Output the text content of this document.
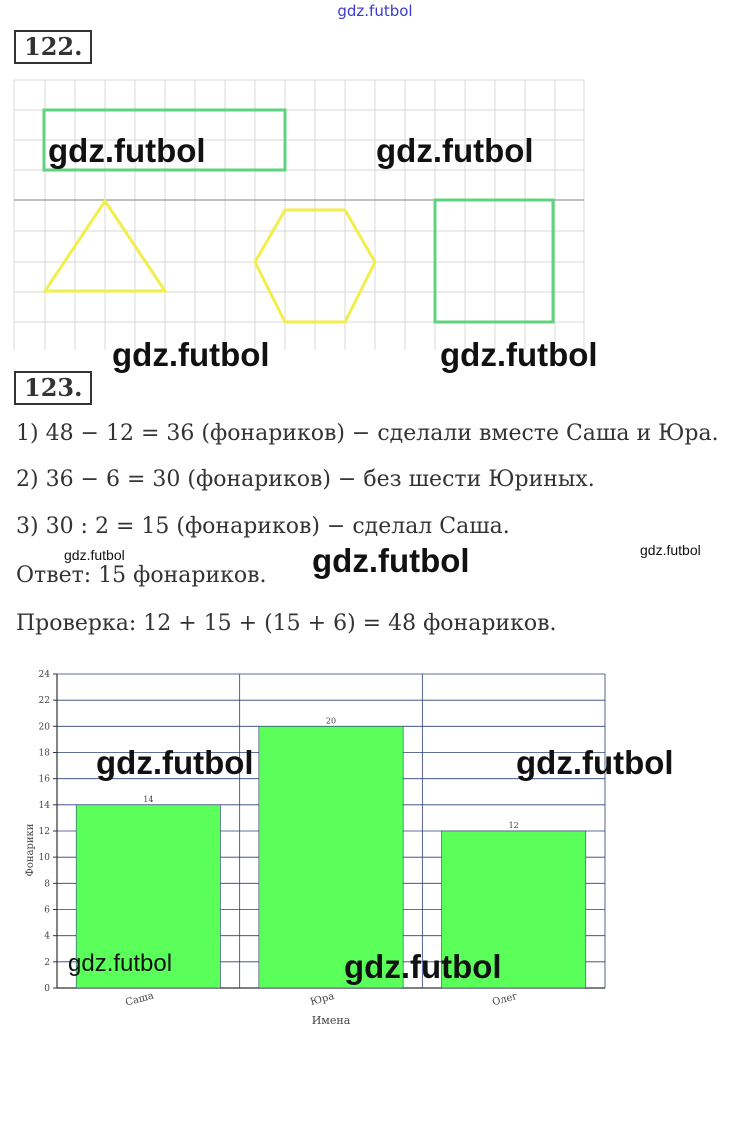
gdz.futbol
122.
gdz.futbol	gdz.futbol
gdz.futbol	gdz.futbol
123.
1) 48 − 12 = 36 (фонариков) − сделали вместе Саша и Юра.
2) 36 − 6 = 30 (фонариков) − без шести Юриных.
3) 30 : 2 = 15 (фонариков) − сделал Саша.
Ответ: 15 фонариков.
Проверка: 12 + 15 + (15 + 6) = 48 фонариков.
gdz.futbol	gdz.futbol	gdz.futbol
0
2
4
6
8
10
12
14
16
18
20
22
24
14
Саша
20
Юра
12
Олег
Фонарики
Имена
gdz.futbol	gdz.futbol
gdz.futbol	gdz.futbol
